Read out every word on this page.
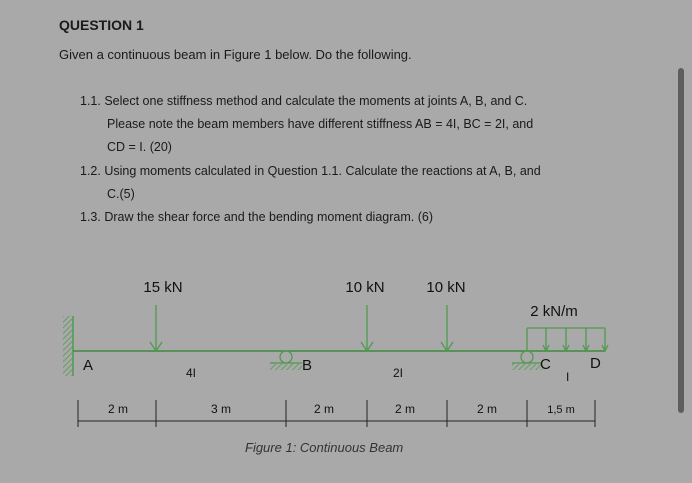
QUESTION 1
Given a continuous beam in Figure 1 below. Do the following.
1.1. Select one stiffness method and calculate the moments at joints A, B, and C.
Please note the beam members have different stiffness AB = 4I, BC = 2I, and
CD = I. (20)
1.2. Using moments calculated in Question 1.1. Calculate the reactions at A, B, and
C.(5)
1.3. Draw the shear force and the bending moment diagram. (6)
15 kN	10 kN	10 kN
2 kN/m
A	B	C	D
4I	2I	I
2 m	3 m	2 m	2 m	2 m	1,5 m
Figure 1: Continuous Beam
